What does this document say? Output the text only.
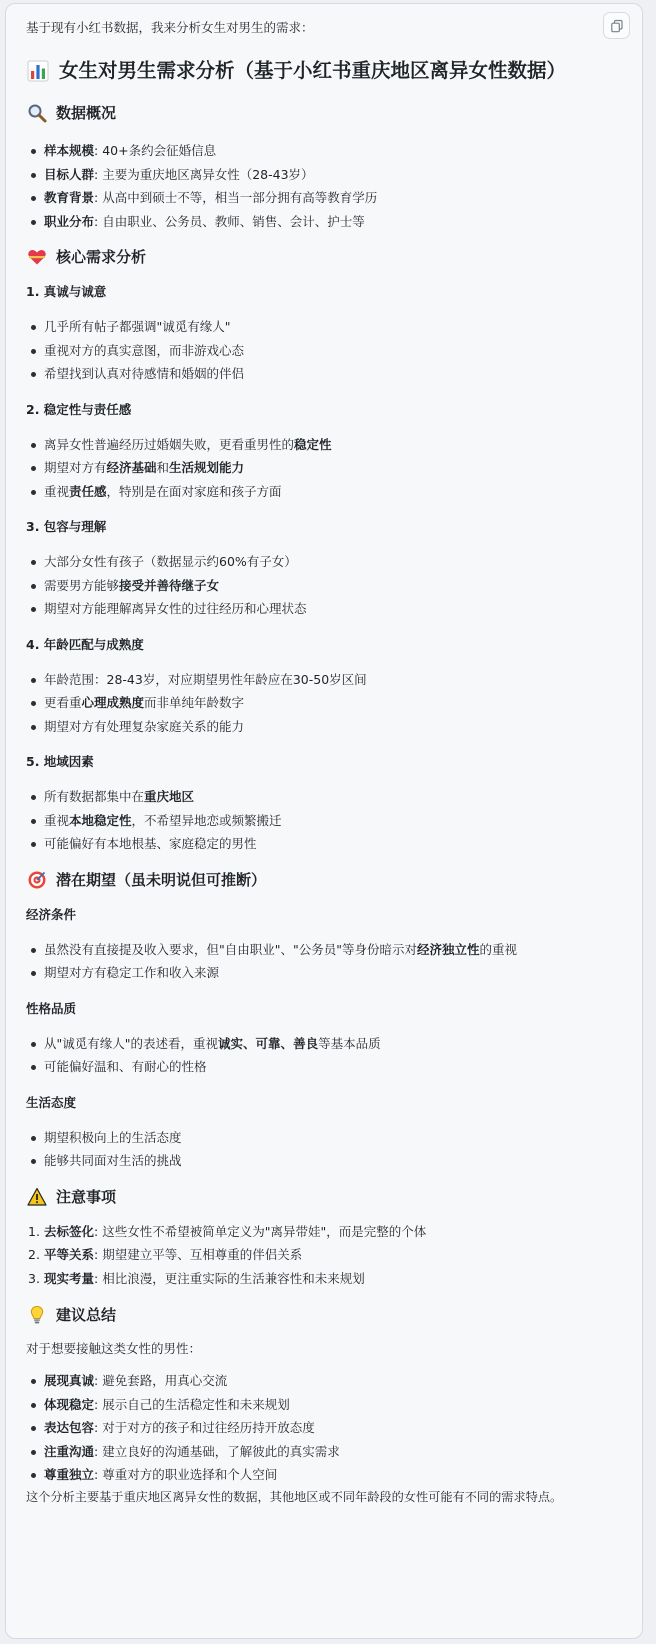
基于现有小红书数据，我来分析女生对男生的需求：
女生对男生需求分析（基于小红书重庆地区离异女性数据）
数据概况
样本规模: 40+条约会征婚信息
目标人群: 主要为重庆地区离异女性（28-43岁）
教育背景: 从高中到硕士不等，相当一部分拥有高等教育学历
职业分布: 自由职业、公务员、教师、销售、会计、护士等
核心需求分析
1. 真诚与诚意
几乎所有帖子都强调"诚觅有缘人"
重视对方的真实意图，而非游戏心态
希望找到认真对待感情和婚姻的伴侣
2. 稳定性与责任感
离异女性普遍经历过婚姻失败，更看重男性的稳定性
期望对方有经济基础和生活规划能力
重视责任感，特别是在面对家庭和孩子方面
3. 包容与理解
大部分女性有孩子（数据显示约60%有子女）
需要男方能够接受并善待继子女
期望对方能理解离异女性的过往经历和心理状态
4. 年龄匹配与成熟度
年龄范围：28-43岁，对应期望男性年龄应在30-50岁区间
更看重心理成熟度而非单纯年龄数字
期望对方有处理复杂家庭关系的能力
5. 地域因素
所有数据都集中在重庆地区
重视本地稳定性，不希望异地恋或频繁搬迁
可能偏好有本地根基、家庭稳定的男性
潜在期望（虽未明说但可推断）
经济条件
虽然没有直接提及收入要求，但"自由职业"、"公务员"等身份暗示对经济独立性的重视
期望对方有稳定工作和收入来源
性格品质
从"诚觅有缘人"的表述看，重视诚实、可靠、善良等基本品质
可能偏好温和、有耐心的性格
生活态度
期望积极向上的生活态度
能够共同面对生活的挑战
注意事项
1. 去标签化: 这些女性不希望被简单定义为"离异带娃"，而是完整的个体
2. 平等关系: 期望建立平等、互相尊重的伴侣关系
3. 现实考量: 相比浪漫，更注重实际的生活兼容性和未来规划
建议总结

对于想要接触这类女性的男性：

展现真诚: 避免套路，用真心交流
体现稳定: 展示自己的生活稳定性和未来规划
表达包容: 对于对方的孩子和过往经历持开放态度
注重沟通: 建立良好的沟通基础，了解彼此的真实需求
尊重独立: 尊重对方的职业选择和个人空间

这个分析主要基于重庆地区离异女性的数据，其他地区或不同年龄段的女性可能有不同的需求特点。
